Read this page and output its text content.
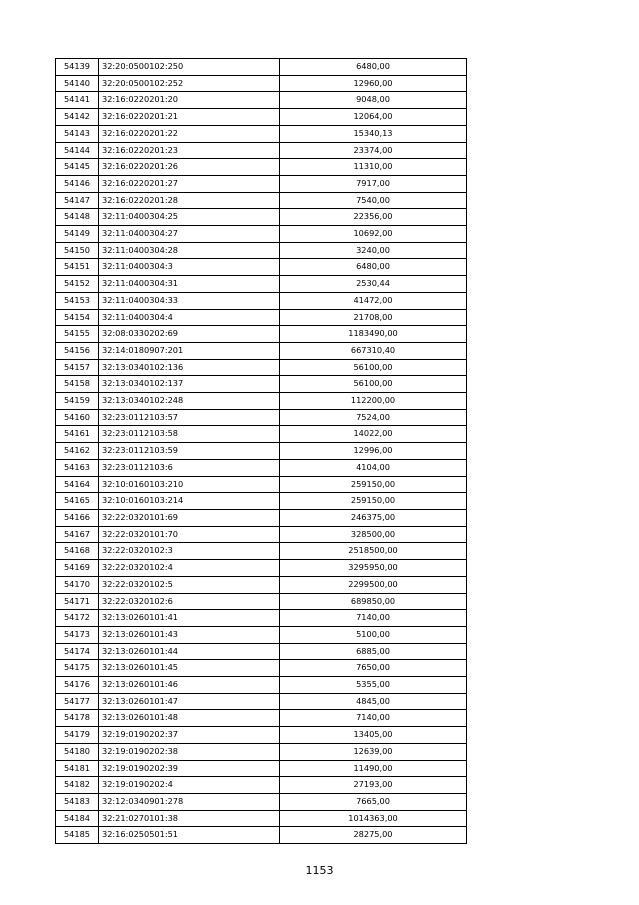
54139	32:20:0500102:250	6480,00
54140	32:20:0500102:252	12960,00
54141	32:16:0220201:20	9048,00
54142	32:16:0220201:21	12064,00
54143	32:16:0220201:22	15340,13
54144	32:16:0220201:23	23374,00
54145	32:16:0220201:26	11310,00
54146	32:16:0220201:27	7917,00
54147	32:16:0220201:28	7540,00
54148	32:11:0400304:25	22356,00
54149	32:11:0400304:27	10692,00
54150	32:11:0400304:28	3240,00
54151	32:11:0400304:3	6480,00
54152	32:11:0400304:31	2530,44
54153	32:11:0400304:33	41472,00
54154	32:11:0400304:4	21708,00
54155	32:08:0330202:69	1183490,00
54156	32:14:0180907:201	667310,40
54157	32:13:0340102:136	56100,00
54158	32:13:0340102:137	56100,00
54159	32:13:0340102:248	112200,00
54160	32:23:0112103:57	7524,00
54161	32:23:0112103:58	14022,00
54162	32:23:0112103:59	12996,00
54163	32:23:0112103:6	4104,00
54164	32:10:0160103:210	259150,00
54165	32:10:0160103:214	259150,00
54166	32:22:0320101:69	246375,00
54167	32:22:0320101:70	328500,00
54168	32:22:0320102:3	2518500,00
54169	32:22:0320102:4	3295950,00
54170	32:22:0320102:5	2299500,00
54171	32:22:0320102:6	689850,00
54172	32:13:0260101:41	7140,00
54173	32:13:0260101:43	5100,00
54174	32:13:0260101:44	6885,00
54175	32:13:0260101:45	7650,00
54176	32:13:0260101:46	5355,00
54177	32:13:0260101:47	4845,00
54178	32:13:0260101:48	7140,00
54179	32:19:0190202:37	13405,00
54180	32:19:0190202:38	12639,00
54181	32:19:0190202:39	11490,00
54182	32:19:0190202:4	27193,00
54183	32:12:0340901:278	7665,00
54184	32:21:0270101:38	1014363,00
54185	32:16:0250501:51	28275,00
1153
